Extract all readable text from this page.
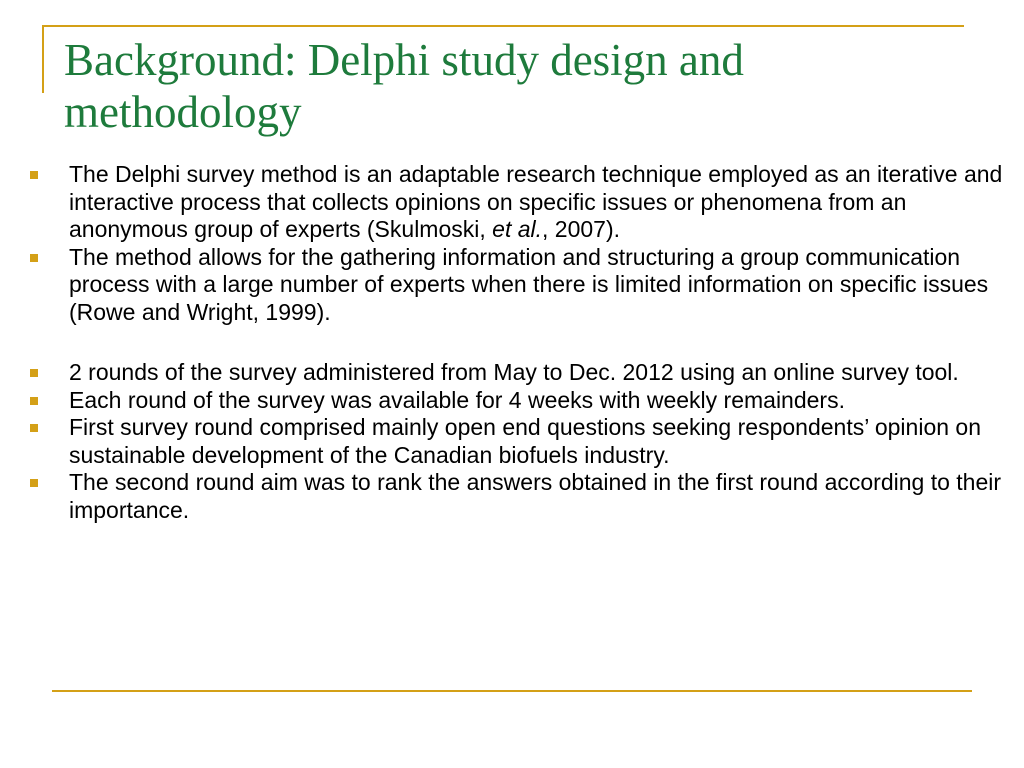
Background: Delphi study design and methodology
The Delphi survey method is an adaptable research technique employed as an iterative and interactive process that collects opinions on specific issues or phenomena from an anonymous group of experts (Skulmoski, et al., 2007).
The method allows for the gathering information and structuring a group communication process with a large number of experts when there is limited information on specific issues (Rowe and Wright, 1999).
2 rounds of the survey administered from May to Dec. 2012 using an online survey tool.
Each round of the survey was available for 4 weeks with weekly remainders.
First survey round comprised mainly open end questions seeking respondents’ opinion on sustainable development of the Canadian biofuels industry.
The second round aim was to rank the answers obtained in the first round according to their importance.
